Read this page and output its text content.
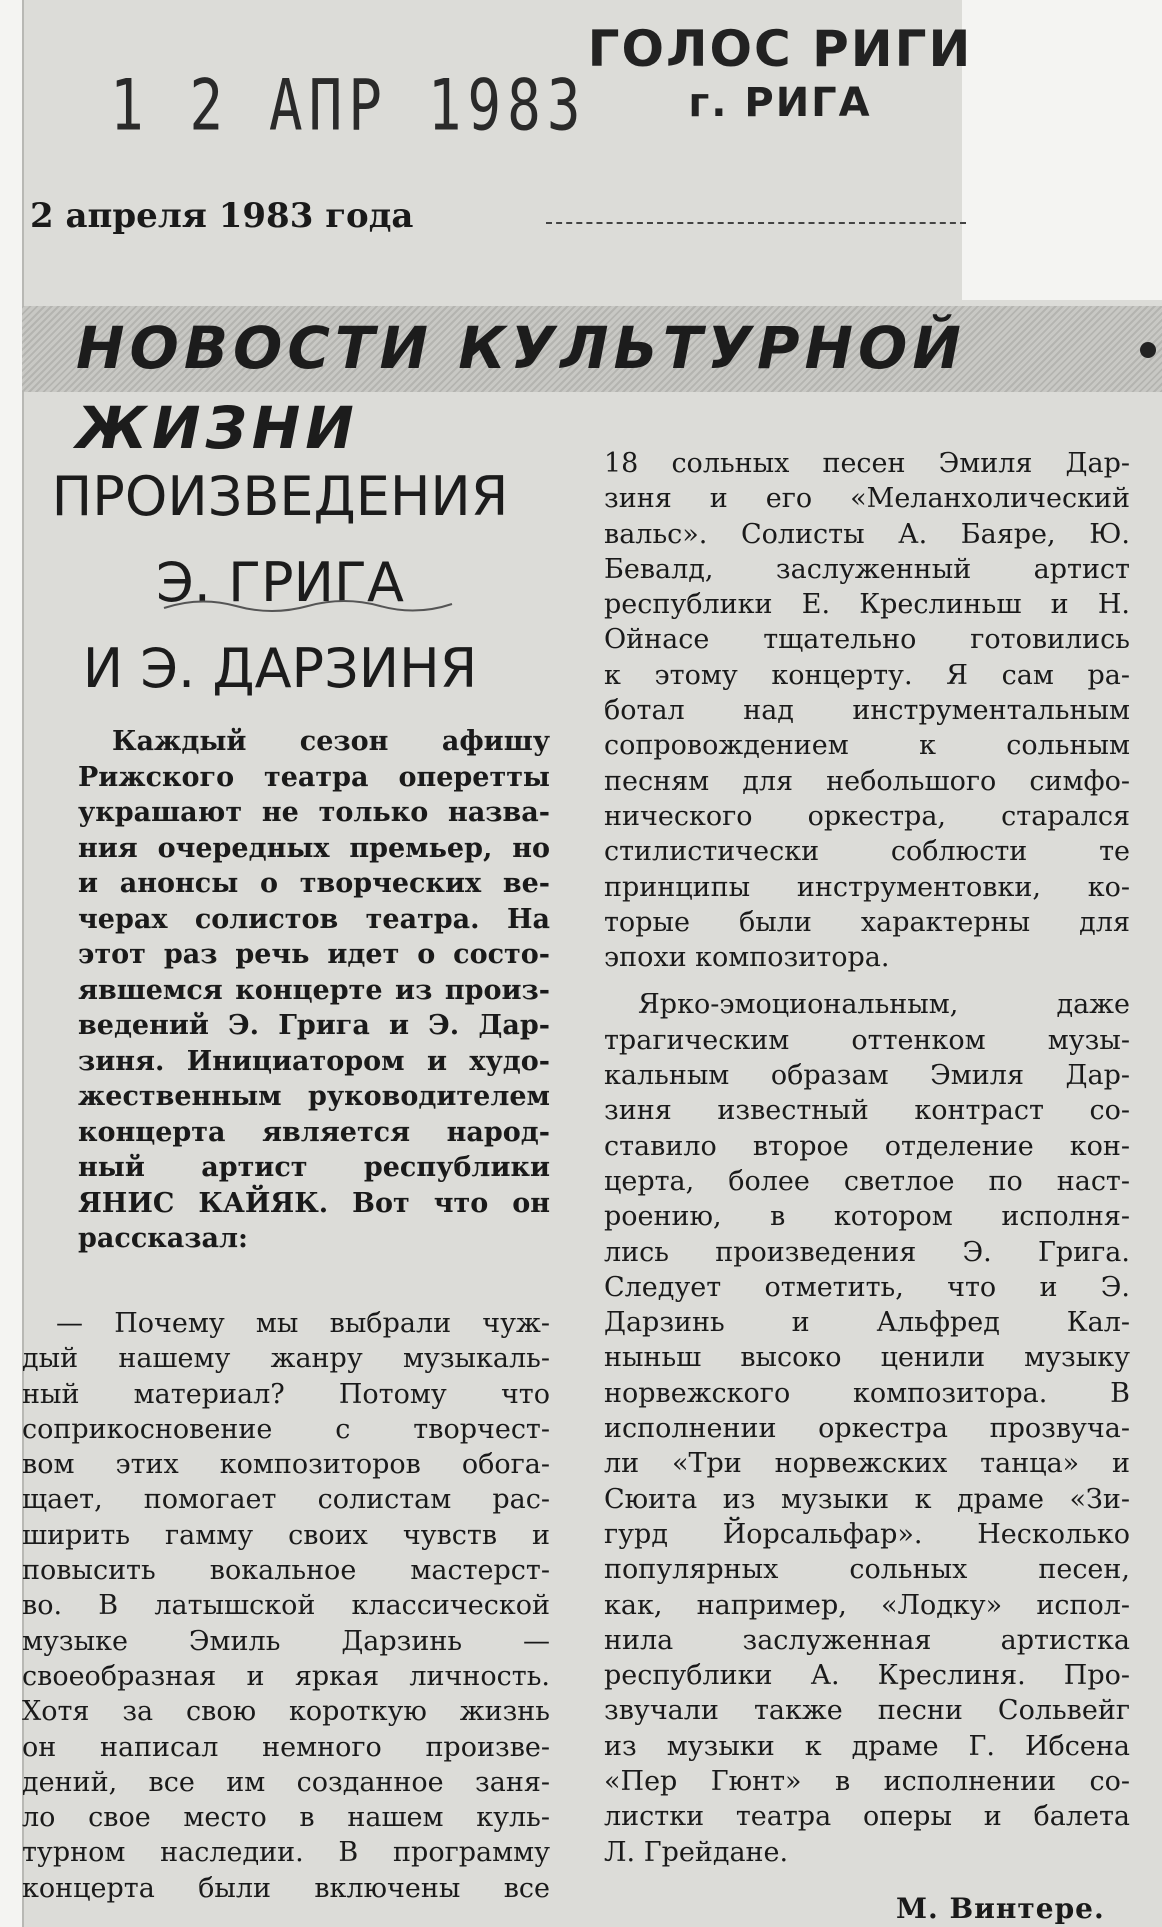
1 2 АПР 1983
ГОЛОС РИГИ
г. РИГА
2 апреля 1983 года
НОВОСТИ КУЛЬТУРНОЙ ЖИЗНИ
ПРОИЗВЕДЕНИЯ
Э. ГРИГА
И Э. ДАРЗИНЯ

Каждый сезон афишу

Рижского театра оперетты

украшают не только назва-

ния очередных премьер, но

и анонсы о творческих ве-

черах солистов театра. На

этот раз речь идет о состо-

явшемся концерте из произ-

ведений Э. Грига и Э. Дар-

зиня. Инициатором и худо-

жественным руководителем

концерта является народ-

ный артист республики

ЯНИС КАЙЯК. Вот что он

рассказал:

— Почему мы выбрали чуж-

дый нашему жанру музыкаль-

ный материал? Потому что

соприкосновение с творчест-

вом этих композиторов обога-

щает, помогает солистам рас-

ширить гамму своих чувств и

повысить вокальное мастерст-

во. В латышской классической

музыке Эмиль Дарзинь —

своеобразная и яркая личность.

Хотя за свою короткую жизнь

он написал немного произве-

дений, все им созданное заня-

ло свое место в нашем куль-

турном наследии. В программу

концерта были включены все

18 сольных песен Эмиля Дар-

зиня и его «Меланхолический

вальс». Солисты А. Баяре, Ю.

Бевалд, заслуженный артист

республики Е. Креслиньш и Н.

Ойнасе тщательно готовились

к этому концерту. Я сам ра-

ботал над инструментальным

сопровождением к сольным

песням для небольшого симфо-

нического оркестра, старался

стилистически соблюсти те

принципы инструментовки, ко-

торые были характерны для

эпохи композитора.

Ярко-эмоциональным, даже

трагическим оттенком музы-

кальным образам Эмиля Дар-

зиня известный контраст со-

ставило второе отделение кон-

церта, более светлое по наст-

роению, в котором исполня-

лись произведения Э. Грига.

Следует отметить, что и Э.

Дарзинь и Альфред Кал-

ныньш высоко ценили музыку

норвежского композитора. В

исполнении оркестра прозвуча-

ли «Три норвежских танца» и

Сюита из музыки к драме «Зи-

гурд Йорсальфар». Несколько

популярных сольных песен,

как, например, «Лодку» испол-

нила заслуженная артистка

республики А. Креслиня. Про-

звучали также песни Сольвейг

из музыки к драме Г. Ибсена

«Пер Гюнт» в исполнении со-

листки театра оперы и балета

Л. Грейдане.

М. Винтере.
